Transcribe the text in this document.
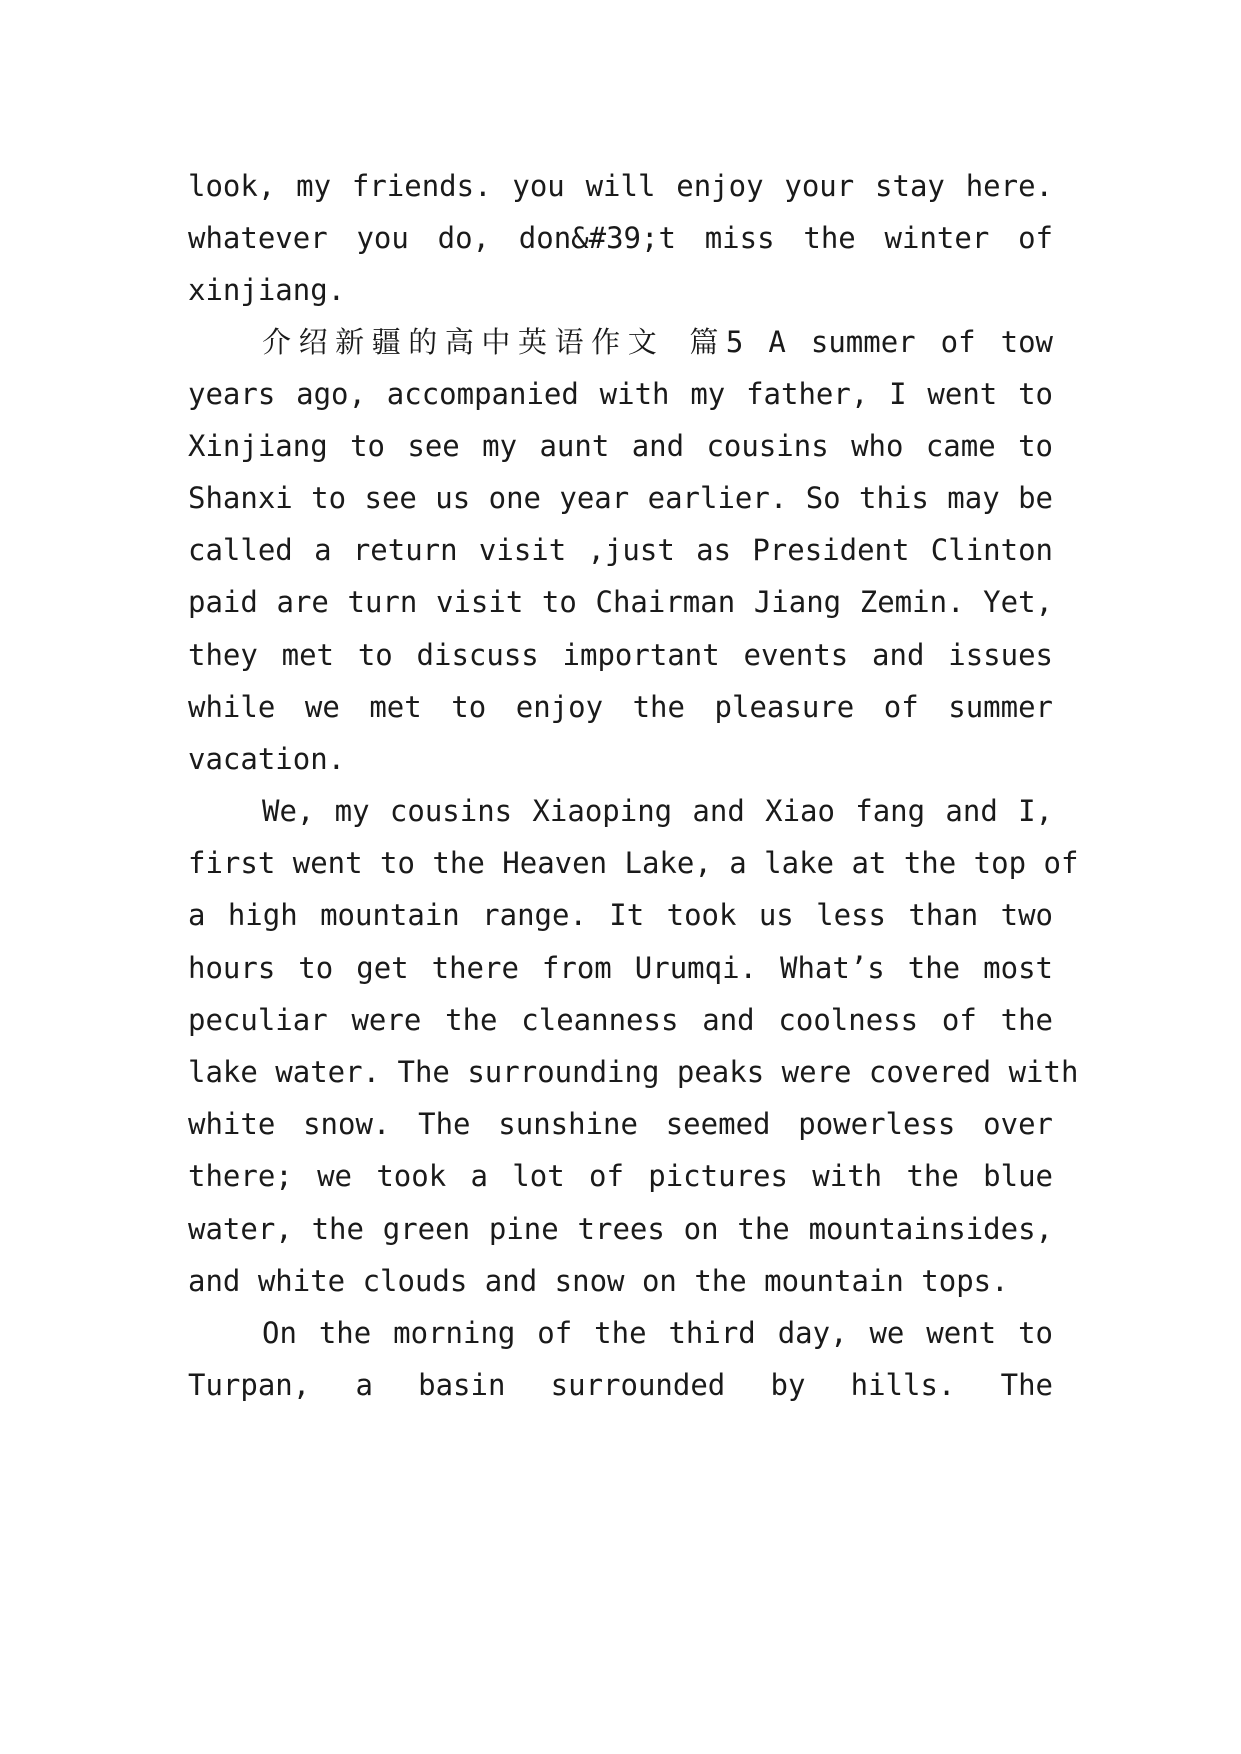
look, my friends. you will enjoy your stay here.
whatever you do, don&#39;t miss the winter of
xinjiang.
介绍新疆的高中英语作文 篇5 A summer of tow
years ago, accompanied with my father, I went to
Xinjiang to see my aunt and cousins who came to
Shanxi to see us one year earlier. So this may be
called a return visit ,just as President Clinton
paid are turn visit to Chairman Jiang Zemin. Yet,
they met to discuss important events and issues
while we met to enjoy the pleasure of summer
vacation.
We, my cousins Xiaoping and Xiao fang and I,
first went to the Heaven Lake, a lake at the top of
a high mountain range. It took us less than two
hours to get there from Urumqi. What’s the most
peculiar were the cleanness and coolness of the
lake water. The surrounding peaks were covered with
white snow. The sunshine seemed powerless over
there; we took a lot of pictures with the blue
water, the green pine trees on the mountainsides,
and white clouds and snow on the mountain tops.
On the morning of the third day, we went to
Turpan, a basin surrounded by hills. The
